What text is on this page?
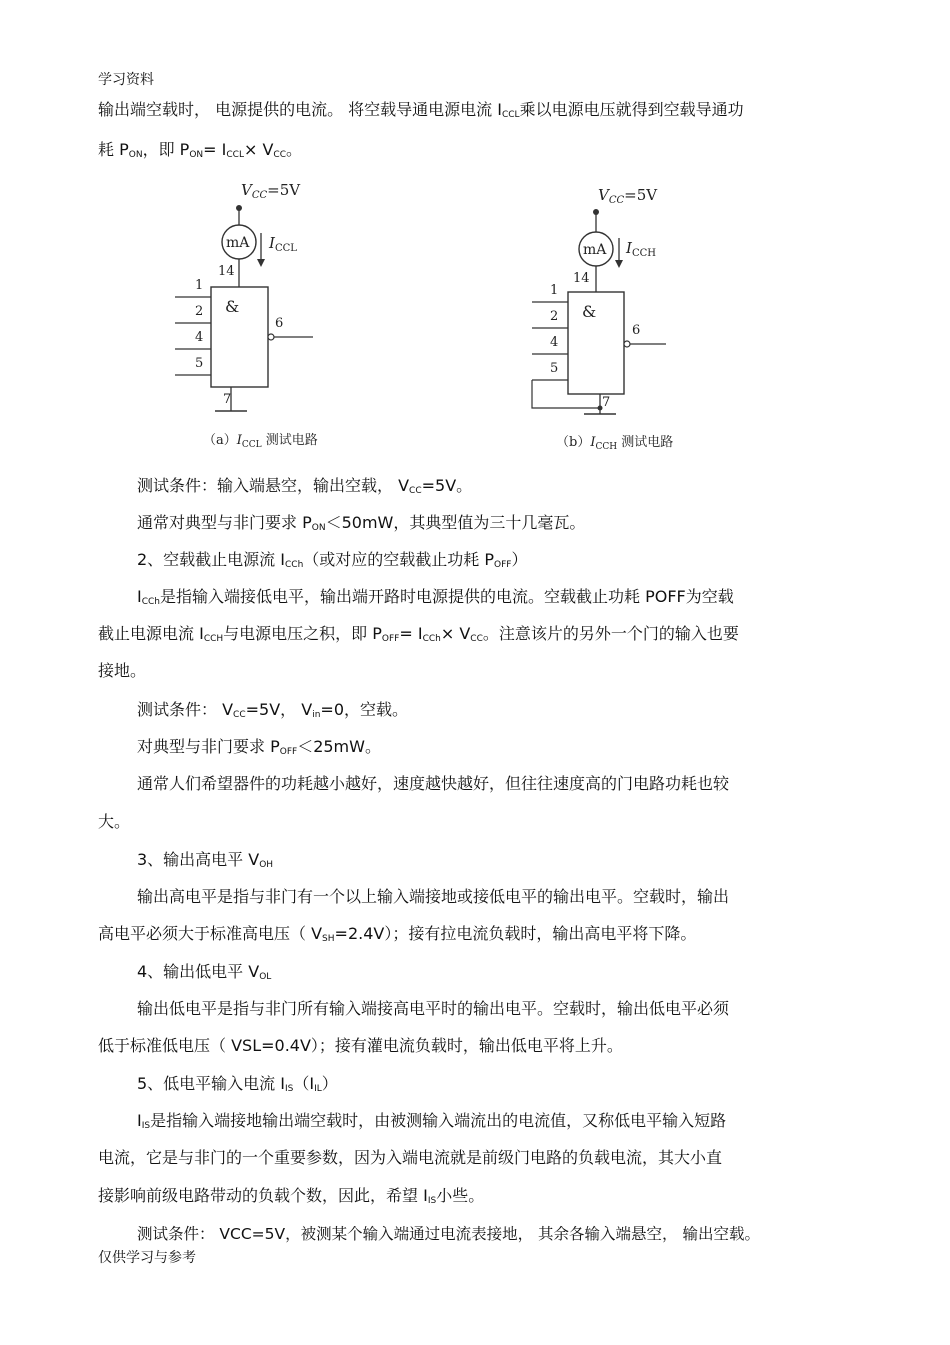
学习资料
输出端空载时， 电源提供的电流。 将空载导通电源电流 $I_{CCL}$乘以电源电压就得到空载导通功
耗 $P_{ON}$，即 $P_{ON}= I_{CCL}\times V_{CC}$。
$V_{CC}=5V$
mA $I_{CCL}$
14
&
1
2
4
5
6
7
$(a)I_{CCL}$ 测试电路
$V_{CC}=5V$
mA $I_{CCH}$
14
&
1
2
4
5
6
7
$(b)I_{CCH}$ 测试电路
测试条件：输入端悬空，输出空载， $V_{CC}=5V$。
通常对典型与非门要求 $P_{ON}<50mW$，其典型值为三十几毫瓦。
2、空载截止电源流 $I_{CCh}$（或对应的空载截止功耗 $P_{OFF}$）
$I_{CCh}$是指输入端接低电平，输出端开路时电源提供的电流。空载截止功耗 POFF为空载
截止电源电流 $I_{CCH}$与电源电压之积，即 $P_{OFF}= I_{CCh}\times V_{CC}$。注意该片的另外一个门的输入也要
接地。
测试条件： $V_{CC}=5V$， $V_{in}=0$，空载。
对典型与非门要求 $P_{OFF}<25mW$。
通常人们希望器件的功耗越小越好，速度越快越好，但往往速度高的门电路功耗也较
大。
3、输出高电平 $V_{OH}$
输出高电平是指与非门有一个以上输入端接地或接低电平的输出电平。空载时，输出
高电平必须大于标准高电压（ $V_{SH}=2.4V$）；接有拉电流负载时，输出高电平将下降。
4、输出低电平 $V_{OL}$
输出低电平是指与非门所有输入端接高电平时的输出电平。空载时，输出低电平必须
低于标准低电压（ VSL=0.4V）；接有灌电流负载时，输出低电平将上升。
5、低电平输入电流 $I_{IS}(I_{IL})$
$I_{IS}$是指输入端接地输出端空载时，由被测输入端流出的电流值，又称低电平输入短路
电流，它是与非门的一个重要参数，因为入端电流就是前级门电路的负载电流，其大小直
接影响前级电路带动的负载个数，因此，希望 $I_{IS}$小些。
测试条件： VCC=5V，被测某个输入端通过电流表接地， 其余各输入端悬空， 输出空载。
仅供学习与参考
